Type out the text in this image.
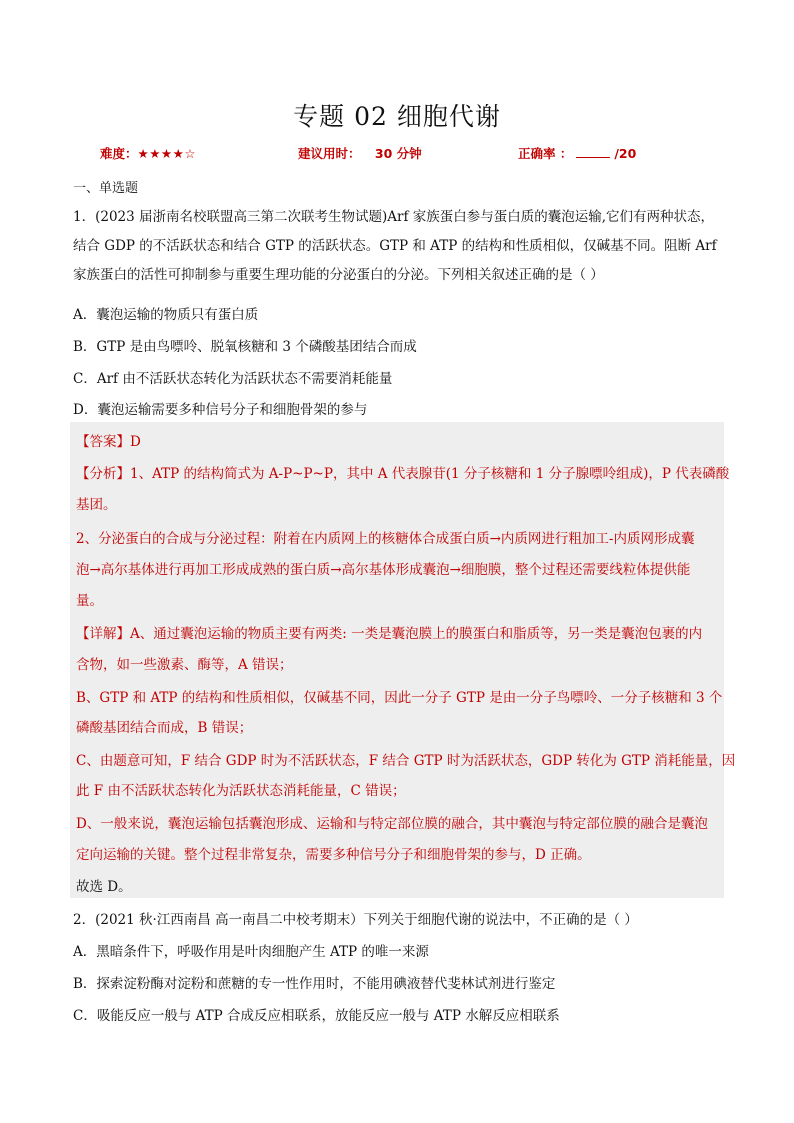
专题 02 细胞代谢
难度：★★★★☆	建议用时： 30 分钟	正确率 ：	/20
一、单选题
1．(2023 届浙南名校联盟高三第二次联考生物试题)Arf 家族蛋白参与蛋白质的囊泡运输,它们有两种状态，
结合 GDP 的不活跃状态和结合 GTP 的活跃状态。GTP 和 ATP 的结构和性质相似，仅碱基不同。阻断 Arf
家族蛋白的活性可抑制参与重要生理功能的分泌蛋白的分泌。下列相关叙述正确的是（ ）
A．囊泡运输的物质只有蛋白质
B．GTP 是由鸟嘌呤、脱氧核糖和 3 个磷酸基团结合而成
C．Arf 由不活跃状态转化为活跃状态不需要消耗能量
D．囊泡运输需要多种信号分子和细胞骨架的参与
【答案】D
【分析】1、ATP 的结构简式为 A-P~P~P，其中 A 代表腺苷(1 分子核糖和 1 分子腺嘌呤组成)，P 代表磷酸
基团。
2、分泌蛋白的合成与分泌过程：附着在内质网上的核糖体合成蛋白质→内质网进行粗加工-内质网形成囊
泡→高尔基体进行再加工形成成熟的蛋白质→高尔基体形成囊泡→细胞膜，整个过程还需要线粒体提供能
量。
【详解】A、通过囊泡运输的物质主要有两类: 一类是囊泡膜上的膜蛋白和脂质等，另一类是囊泡包裹的内
含物，如一些激素、酶等，A 错误；
B、GTP 和 ATP 的结构和性质相似，仅碱基不同，因此一分子 GTP 是由一分子鸟嘌呤、一分子核糖和 3 个
磷酸基团结合而成，B 错误；
C、由题意可知，F 结合 GDP 时为不活跃状态，F 结合 GTP 时为活跃状态，GDP 转化为 GTP 消耗能量，因
此 F 由不活跃状态转化为活跃状态消耗能量，C 错误；
D、一般来说，囊泡运输包括囊泡形成、运输和与特定部位膜的融合，其中囊泡与特定部位膜的融合是囊泡
定向运输的关键。整个过程非常复杂，需要多种信号分子和细胞骨架的参与，D 正确。
故选 D。
2．(2021 秋·江西南昌 高一南昌二中校考期末）下列关于细胞代谢的说法中，不正确的是（ ）
A．黑暗条件下，呼吸作用是叶肉细胞产生 ATP 的唯一来源
B．探索淀粉酶对淀粉和蔗糖的专一性作用时，不能用碘液替代斐林试剂进行鉴定
C．吸能反应一般与 ATP 合成反应相联系，放能反应一般与 ATP 水解反应相联系
